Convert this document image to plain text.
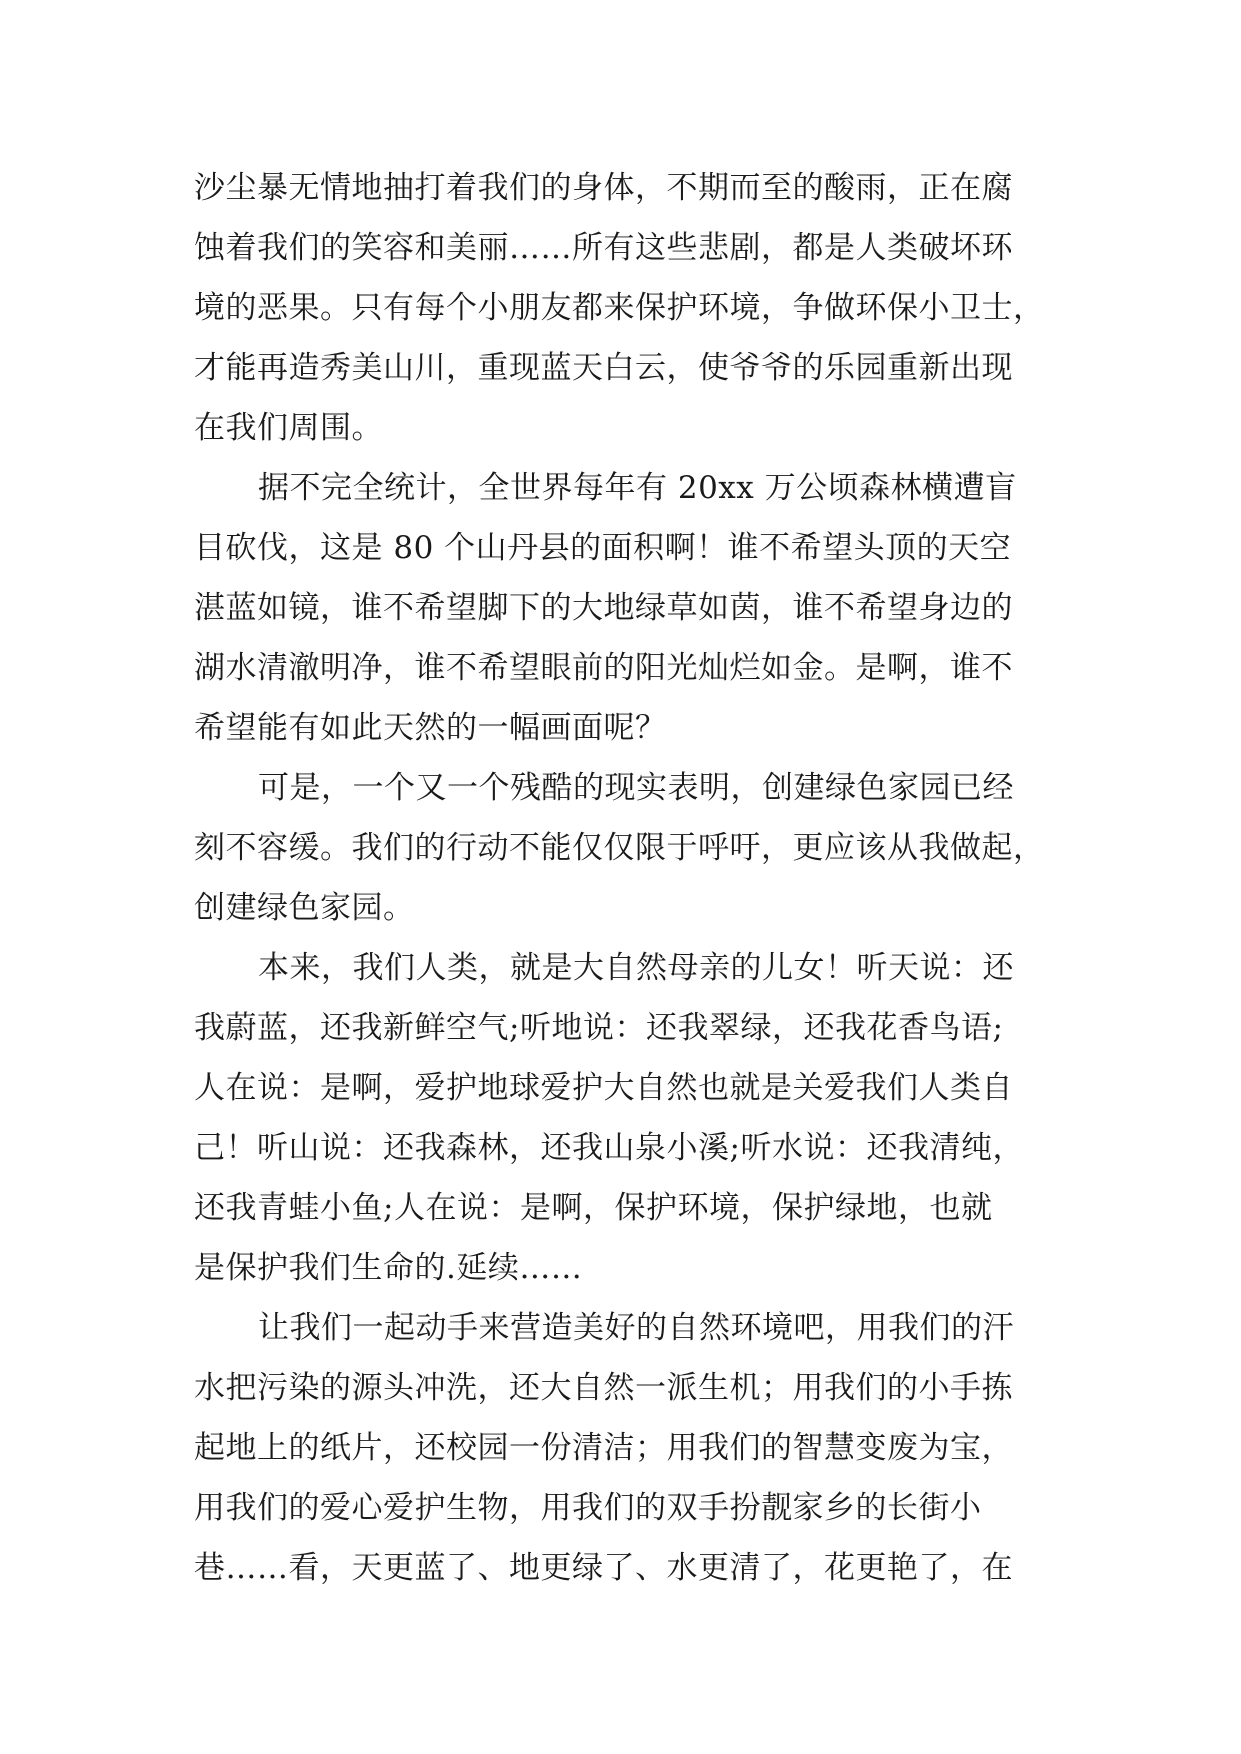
沙尘暴无情地抽打着我们的身体，不期而至的酸雨，正在腐
蚀着我们的笑容和美丽……所有这些悲剧，都是人类破坏环
境的恶果。只有每个小朋友都来保护环境，争做环保小卫士，
才能再造秀美山川，重现蓝天白云，使爷爷的乐园重新出现
在我们周围。
据不完全统计，全世界每年有 20xx 万公顷森林横遭盲
目砍伐，这是 80 个山丹县的面积啊！谁不希望头顶的天空
湛蓝如镜，谁不希望脚下的大地绿草如茵，谁不希望身边的
湖水清澈明净，谁不希望眼前的阳光灿烂如金。是啊，谁不
希望能有如此天然的一幅画面呢？
可是，一个又一个残酷的现实表明，创建绿色家园已经
刻不容缓。我们的行动不能仅仅限于呼吁，更应该从我做起，
创建绿色家园。
本来，我们人类，就是大自然母亲的儿女！听天说：还
我蔚蓝，还我新鲜空气;听地说：还我翠绿，还我花香鸟语;
人在说：是啊，爱护地球爱护大自然也就是关爱我们人类自
己！听山说：还我森林，还我山泉小溪;听水说：还我清纯，
还我青蛙小鱼;人在说：是啊，保护环境，保护绿地，也就
是保护我们生命的.延续……
让我们一起动手来营造美好的自然环境吧，用我们的汗
水把污染的源头冲洗，还大自然一派生机；用我们的小手拣
起地上的纸片，还校园一份清洁；用我们的智慧变废为宝，
用我们的爱心爱护生物，用我们的双手扮靓家乡的长街小
巷……看，天更蓝了、地更绿了、水更清了，花更艳了，在
